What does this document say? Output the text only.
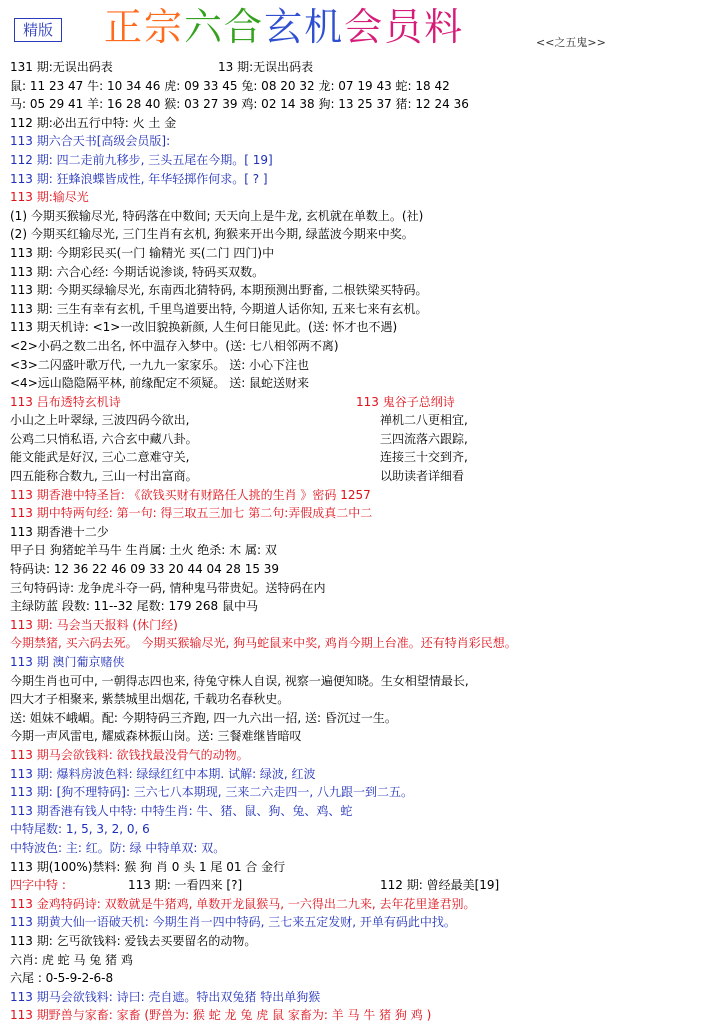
精版 正宗六合玄机会员料	<<之五鬼>>
131 期:无误出码表	13 期:无误出码表
鼠: 11 23 47 牛: 10 34 46 虎: 09 33 45 兔: 08 20 32 龙: 07 19 43 蛇: 18 42
马: 05 29 41 羊: 16 28 40 猴: 03 27 39 鸡: 02 14 38 狗: 13 25 37 猪: 12 24 36
112 期:必出五行中特: 火 土 金
113 期六合天书[高级会员版]:
112 期: 四二走前九移步, 三头五尾在今期。[ 19]
113 期: 狂蜂浪蝶皆成性, 年华轻掷作何求。[ ? ]
113 期:输尽光
(1) 今期买猴输尽光, 特码落在中数间; 天天向上是牛龙, 玄机就在单数上。(社)
(2) 今期买红输尽光, 三门生肖有玄机, 狗猴来开出今期, 绿蓝波今期来中奖。
113 期: 今期彩民买(一门 输精光 买(二门 四门)中
113 期: 六合心经: 今期话说渗谈, 特码买双数。
113 期: 今期买绿输尽光, 东南西北猜特码, 本期预测出野畜, 二根铁梁买特码。
113 期: 三生有幸有玄机, 千里鸟道要出特, 今期道人话你知, 五来七来有玄机。
113 期天机诗: <1>一改旧貌换新颜, 人生何日能见此。(送: 怀才也不遇)
<2>小码之数二出名, 怀中温存入梦中。(送: 七八相邻两不离)
<3>二闪盛叶歌万代, 一九九一家家乐。 送: 小心下注也
<4>远山隐隐隔平林, 前缘配定不须疑。 送: 鼠蛇送财来
113 吕布透特玄机诗	113 鬼谷子总纲诗
小山之上叶翠绿, 三波四码今欲出,	禅机二八更相宜,
公鸡二只悄私语, 六合玄中藏八卦。	三四流落六跟踪,
能文能武是好汉, 三心二意难守关,	连接三十交到齐,
四五能称合数九, 三山一村出富商。	以助读者详细看
113 期香港中特圣旨: 《欲钱买财有财路任人挑的生肖 》密码 1257
113 期中特两句经: 第一句: 得三取五三加七 第二句:弄假成真二中二
113 期香港十二少
甲子日 狗猪蛇羊马牛 生肖属: 土火 绝杀: 木 属: 双
特码诀: 12 36 22 46 09 33 20 44 04 28 15 39
三句特码诗: 龙争虎斗夺一码, 情种鬼马带贵妃。送特码在内
主绿防蓝 段数: 11--32 尾数: 179 268 鼠中马
113 期: 马会当天报料 (休门经)
今期禁猪, 买六码去死。 今期买猴输尽光, 狗马蛇鼠来中奖, 鸡肖今期上台准。还有特肖彩民想。
113 期 澳门葡京赌侠
今期生肖也可中, 一朝得志四也来, 待兔守株人自误, 视察一遍便知晓。生女相望情最长,
四大才子相聚来, 紫禁城里出烟花, 千载功名春秋史。
送: 姐妹不峨嵋。配: 今期特码三齐跑, 四一九六出一招, 送: 昏沉过一生。
今期一声风雷电, 耀威森林振山岗。送: 三餐难继皆暗叹
113 期马会欲钱料: 欲钱找最没骨气的动物。
113 期: 爆料房波色料: 绿绿红红中本期. 试解: 绿波, 红波
113 期: [狗不理特码]: 三六七八本期现, 三来二六走四一, 八九跟一到二五。
113 期香港有钱人中特: 中特生肖: 牛、猪、鼠、狗、兔、鸡、蛇
中特尾数: 1, 5, 3, 2, 0, 6
中特波色: 主: 红。防: 绿 中特单双: 双。
113 期(100%)禁料: 猴 狗 肖 0 头 1 尾 01 合 金行
四字中特 :	113 期: 一看四来 [?]	112 期: 曾经最美[19]
113 金鸡特码诗: 双数就是牛猪鸡, 单数开龙鼠猴马, 一六得出二九来, 去年花里逢君别。
113 期黄大仙一语破天机: 今期生肖一四中特码, 三七来五定发财, 开单有码此中找。
113 期: 乞丐欲钱料: 爱钱去买要留名的动物。
六肖: 虎 蛇 马 兔 猪 鸡
六尾 : 0-5-9-2-6-8
113 期马会欲钱料: 诗曰: 壳自遮。特出双兔猪 特出单狗猴
113 期野兽与家畜: 家畜 (野兽为: 猴 蛇 龙 兔 虎 鼠 家畜为: 羊 马 牛 猪 狗 鸡 )
